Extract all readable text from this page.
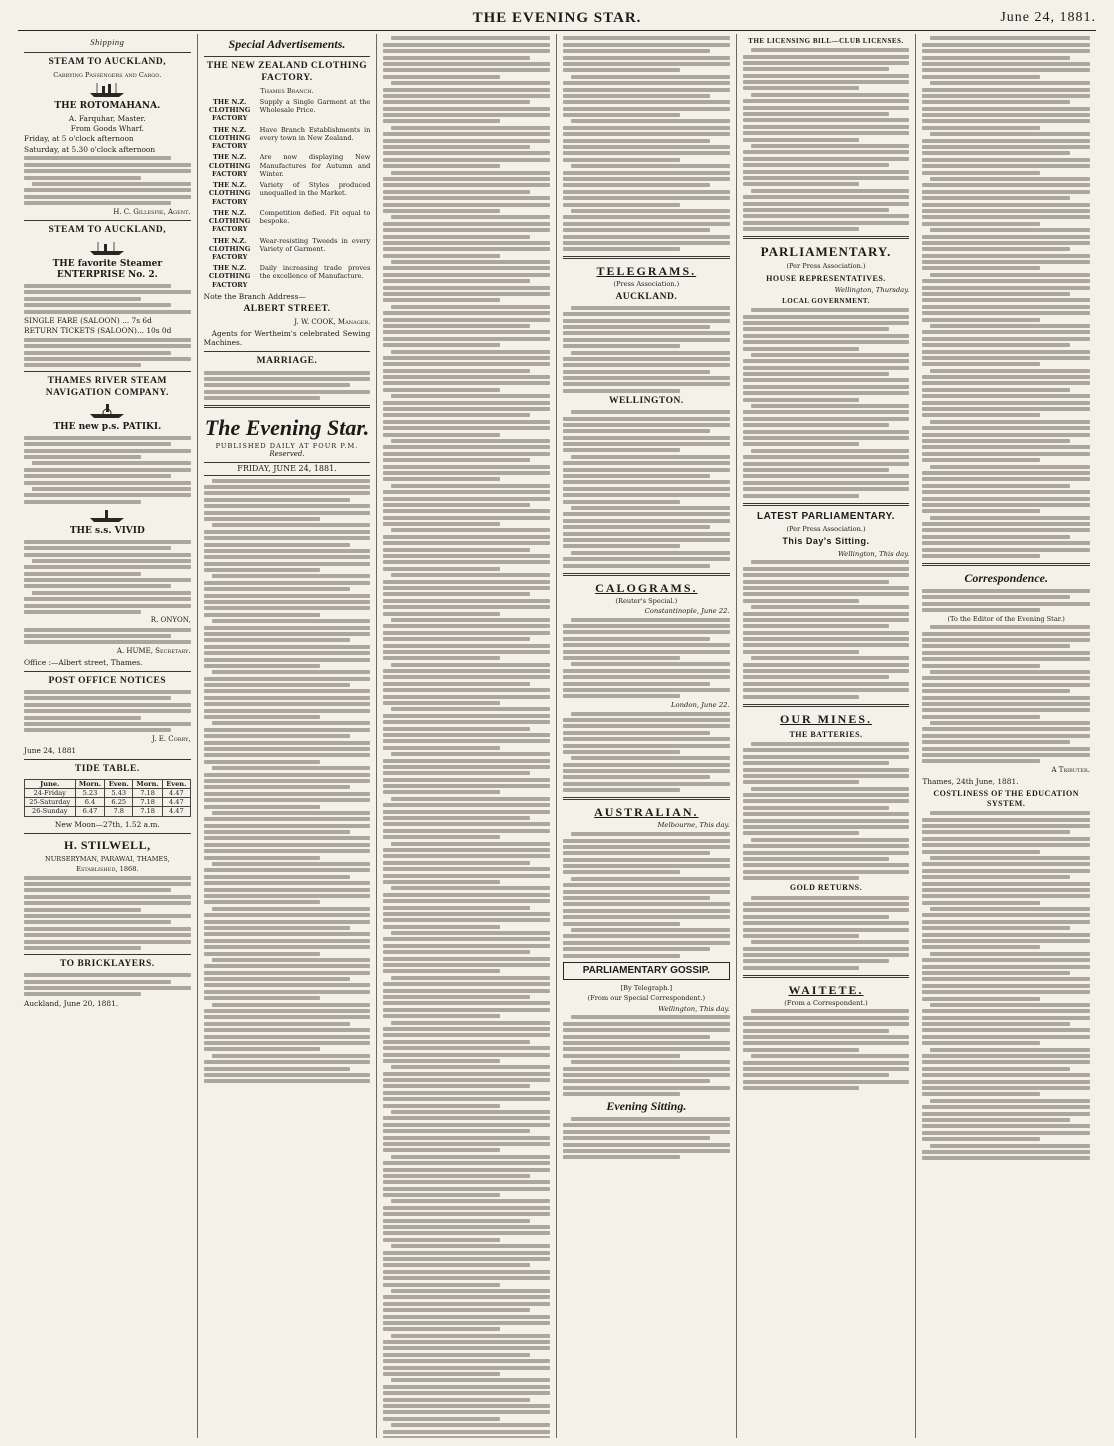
THE EVENING STAR.	June 24, 1881.
Shipping
STEAM TO AUCKLAND,
Carrying Passengers and Cargo.
THE ROTOMAHANA.
A. Farquhar, Master.
From Goods Wharf.
Friday, at 5 o'clock afternoon
Saturday, at 5.30 o'clock afternoon
H. C. Gillespie, Agent.
STEAM TO AUCKLAND,
THE favorite Steamer ENTERPRISE No. 2.
SINGLE FARE (SALOON) ... 7s 6d
RETURN TICKETS (SALOON)... 10s 0d
THAMES RIVER STEAM NAVIGATION COMPANY.
THE new p.s. PATIKI.
THE s.s. VIVID
R. ONYON,
A. HUME, Secretary.
Office :—Albert street, Thames.
POST OFFICE NOTICES
J. E. Corry,
June 24, 1881
TIDE TABLE.
June.	Morn.	Even.	Morn.	Even.
24-Friday	5.23	5.43	7.18	4.47
25-Saturday	6.4	6.25	7.18	4.47
26-Sunday	6.47	7.8	7.18	4.47
New Moon—27th, 1.52 a.m.
H. STILWELL,
NURSERYMAN, PARAWAI, THAMES,
Established, 1868.
TO BRICKLAYERS.
Auckland, June 20, 1881.
Special Advertisements.
THE NEW ZEALAND CLOTHING FACTORY.
Thames Branch.
THE N.Z. CLOTHING FACTORY
Supply a Single Garment at the Wholesale Price.
THE N.Z. CLOTHING FACTORY
Have Branch Establishments in every town in New Zealand.
THE N.Z. CLOTHING FACTORY
Are now displaying New Manufactures for Autumn and Winter.
THE N.Z. CLOTHING FACTORY
Variety of Styles produced unequalled in the Market.
THE N.Z. CLOTHING FACTORY
Competition defied. Fit equal to bespoke.
THE N.Z. CLOTHING FACTORY
Wear-resisting Tweeds in every Variety of Garment.
THE N.Z. CLOTHING FACTORY
Daily increasing trade proves the excellence of Manufacture.
Note the Branch Address—
ALBERT STREET.
J. W. COOK, Manager.
Agents for Wertheim's celebrated Sewing Machines.
MARRIAGE.
The Evening Star.
PUBLISHED DAILY AT FOUR P.M.
Reserved.
FRIDAY, JUNE 24, 1881.
TELEGRAMS.
(Press Association.)
AUCKLAND.
WELLINGTON.
CALOGRAMS.
(Reuter's Special.)
Constantinople, June 22.
London, June 22.
AUSTRALIAN.
Melbourne, This day.
PARLIAMENTARY GOSSIP.
[By Telegraph.]
(From our Special Correspondent.)
Wellington, This day.
Evening Sitting.
THE LICENSING BILL—CLUB LICENSES.
PARLIAMENTARY.
(Per Press Association.)
HOUSE REPRESENTATIVES.
Wellington, Thursday.
LOCAL GOVERNMENT.
LATEST PARLIAMENTARY.
(Per Press Association.)
This Day's Sitting.
Wellington, This day.
OUR MINES.
THE BATTERIES.
GOLD RETURNS.
WAITETE.
(From a Correspondent.)
Correspondence.
(To the Editor of the Evening Star.)
A Tributer.
Thames, 24th June, 1881.
COSTLINESS OF THE EDUCATION SYSTEM.
